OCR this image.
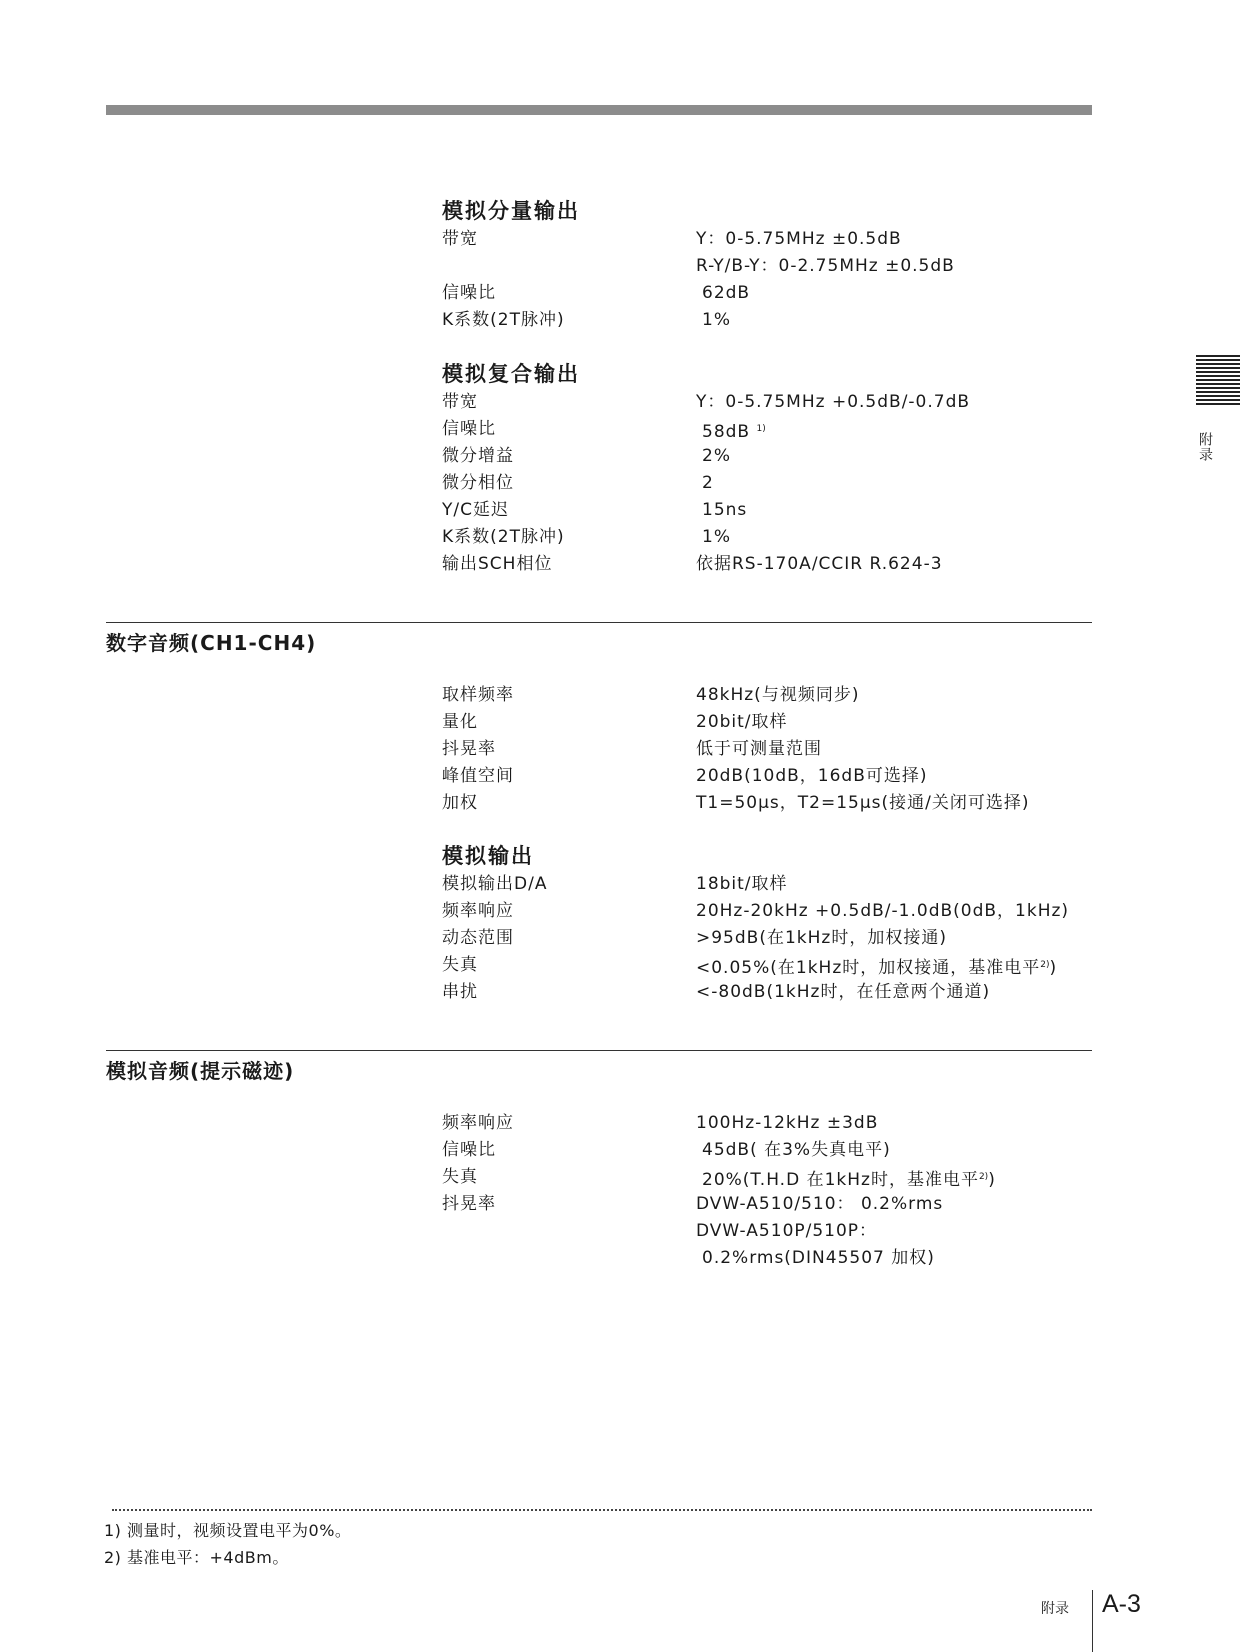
附录
模拟分量输出
带宽	Y：0-5.75MHz ±0.5dB
R-Y/B-Y：0-2.75MHz ±0.5dB
信噪比	62dB
K系数(2T脉冲)	1%
模拟复合输出
带宽	Y：0-5.75MHz +0.5dB/-0.7dB
信噪比	58dB $^{1)}$
微分增益	2%
微分相位	2
Y/C延迟	15ns
K系数(2T脉冲)	1%
输出SCH相位	依据RS-170A/CCIR R.624-3
数字音频(CH1-CH4)
取样频率	48kHz(与视频同步)
量化	20bit/取样
抖晃率	低于可测量范围
峰值空间	20dB(10dB，16dB可选择)
加权	T1=50μs，T2=15μs(接通/关闭可选择)
模拟输出
模拟输出D/A	18bit/取样
频率响应	20Hz-20kHz +0.5dB/-1.0dB(0dB，1kHz)
动态范围	>95dB(在1kHz时，加权接通)
失真	<0.05%(在1kHz时，加权接通，基准电平$^{2)}$)
串扰	<-80dB(1kHz时，在任意两个通道)
模拟音频(提示磁迹)
频率响应	100Hz-12kHz ±3dB
信噪比	45dB( 在3%失真电平)
失真	20%(T.H.D 在1kHz时，基准电平$^{2)}$)
抖晃率	DVW-A510/510： 0.2%rms
DVW-A510P/510P：
0.2%rms(DIN45507 加权)
1) 测量时，视频设置电平为0%。
2) 基准电平：+4dBm。
附录 A-3
